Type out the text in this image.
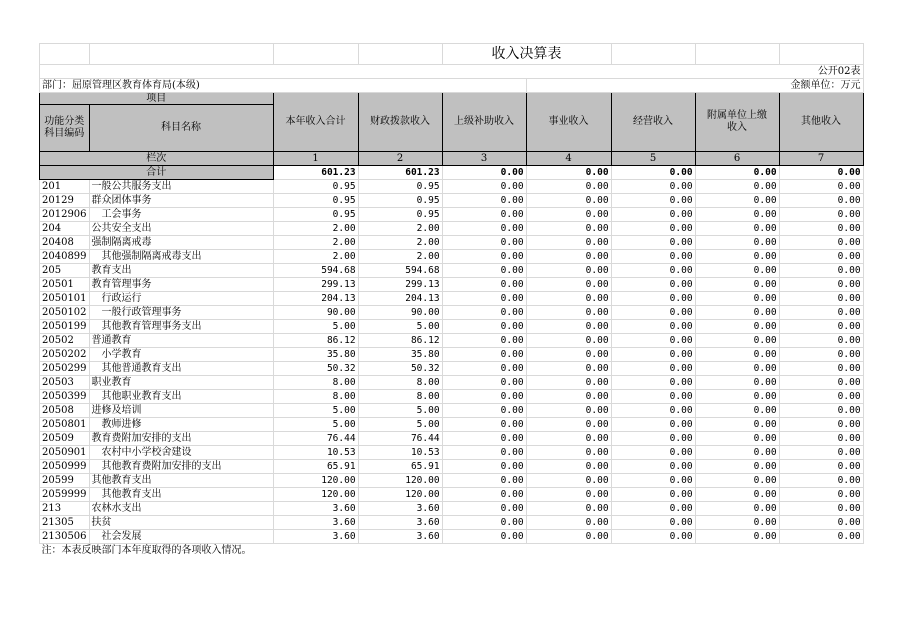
				收入决算表				
公开02表								
部门：屈原管理区教育体育局(本级)					金额单位：万元			
项目		本年收入合计	财政拨款收入	上级补助收入	事业收入	经营收入	附属单位上缴收入	其他收入
功能分类科目编码	科目名称							
栏次		1	2	3	4	5	6	7
合计		601.23	601.23	0.00	0.00	0.00	0.00	0.00
201	一般公共服务支出	0.95	0.95	0.00	0.00	0.00	0.00	0.00
20129	群众团体事务	0.95	0.95	0.00	0.00	0.00	0.00	0.00
2012906	工会事务	0.95	0.95	0.00	0.00	0.00	0.00	0.00
204	公共安全支出	2.00	2.00	0.00	0.00	0.00	0.00	0.00
20408	强制隔离戒毒	2.00	2.00	0.00	0.00	0.00	0.00	0.00
2040899	其他强制隔离戒毒支出	2.00	2.00	0.00	0.00	0.00	0.00	0.00
205	教育支出	594.68	594.68	0.00	0.00	0.00	0.00	0.00
20501	教育管理事务	299.13	299.13	0.00	0.00	0.00	0.00	0.00
2050101	行政运行	204.13	204.13	0.00	0.00	0.00	0.00	0.00
2050102	一般行政管理事务	90.00	90.00	0.00	0.00	0.00	0.00	0.00
2050199	其他教育管理事务支出	5.00	5.00	0.00	0.00	0.00	0.00	0.00
20502	普通教育	86.12	86.12	0.00	0.00	0.00	0.00	0.00
2050202	小学教育	35.80	35.80	0.00	0.00	0.00	0.00	0.00
2050299	其他普通教育支出	50.32	50.32	0.00	0.00	0.00	0.00	0.00
20503	职业教育	8.00	8.00	0.00	0.00	0.00	0.00	0.00
2050399	其他职业教育支出	8.00	8.00	0.00	0.00	0.00	0.00	0.00
20508	进修及培训	5.00	5.00	0.00	0.00	0.00	0.00	0.00
2050801	教师进修	5.00	5.00	0.00	0.00	0.00	0.00	0.00
20509	教育费附加安排的支出	76.44	76.44	0.00	0.00	0.00	0.00	0.00
2050901	农村中小学校舍建设	10.53	10.53	0.00	0.00	0.00	0.00	0.00
2050999	其他教育费附加安排的支出	65.91	65.91	0.00	0.00	0.00	0.00	0.00
20599	其他教育支出	120.00	120.00	0.00	0.00	0.00	0.00	0.00
2059999	其他教育支出	120.00	120.00	0.00	0.00	0.00	0.00	0.00
213	农林水支出	3.60	3.60	0.00	0.00	0.00	0.00	0.00
21305	扶贫	3.60	3.60	0.00	0.00	0.00	0.00	0.00
2130506	社会发展	3.60	3.60	0.00	0.00	0.00	0.00	0.00
注：本表反映部门本年度取得的各项收入情况。								
